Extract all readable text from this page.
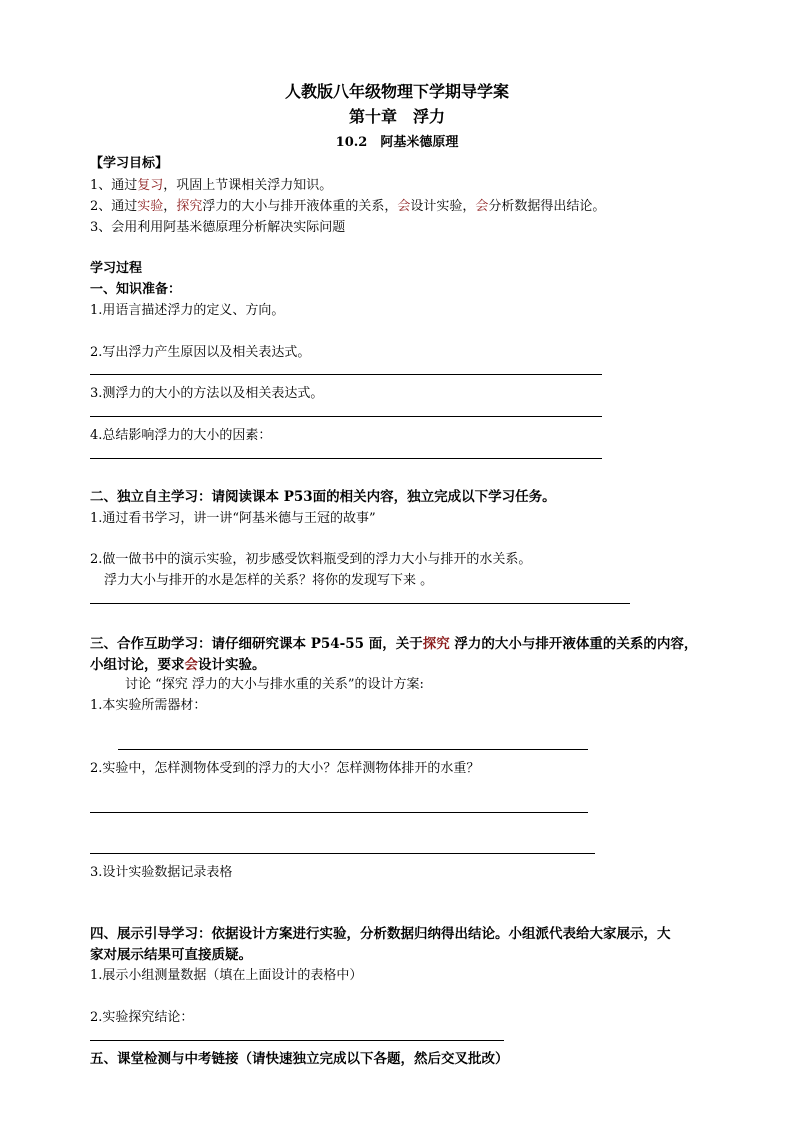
人教版八年级物理下学期导学案
第十章　浮力
10.2　阿基米德原理
【学习目标】
1、通过复习，巩固上节课相关浮力知识。
2、通过实验，探究浮力的大小与排开液体重的关系，会设计实验，会分析数据得出结论。
3、会用利用阿基米德原理分析解决实际问题
学习过程
一、知识准备：
1.用语言描述浮力的定义、方向。
2.写出浮力产生原因以及相关表达式。
3.测浮力的大小的方法以及相关表达式。
4.总结影响浮力的大小的因素：
二、独立自主学习：请阅读课本 P53面的相关内容，独立完成以下学习任务。
1.通过看书学习，讲一讲“阿基米德与王冠的故事”
2.做一做书中的演示实验，初步感受饮料瓶受到的浮力大小与排开的水关系。
浮力大小与排开的水是怎样的关系？将你的发现写下来 。
三、合作互助学习：请仔细研究课本 P54-55 面，关于探究 浮力的大小与排开液体重的关系的内容，
小组讨论，要求会设计实验。
讨论 “探究 浮力的大小与排水重的关系”的设计方案:
1.本实验所需器材：
2.实验中，怎样测物体受到的浮力的大小？怎样测物体排开的水重？
3.设计实验数据记录表格
四、展示引导学习：依据设计方案进行实验，分析数据归纳得出结论。小组派代表给大家展示，大
家对展示结果可直接质疑。
1.展示小组测量数据（填在上面设计的表格中）
2.实验探究结论：
五、课堂检测与中考链接（请快速独立完成以下各题，然后交叉批改）
